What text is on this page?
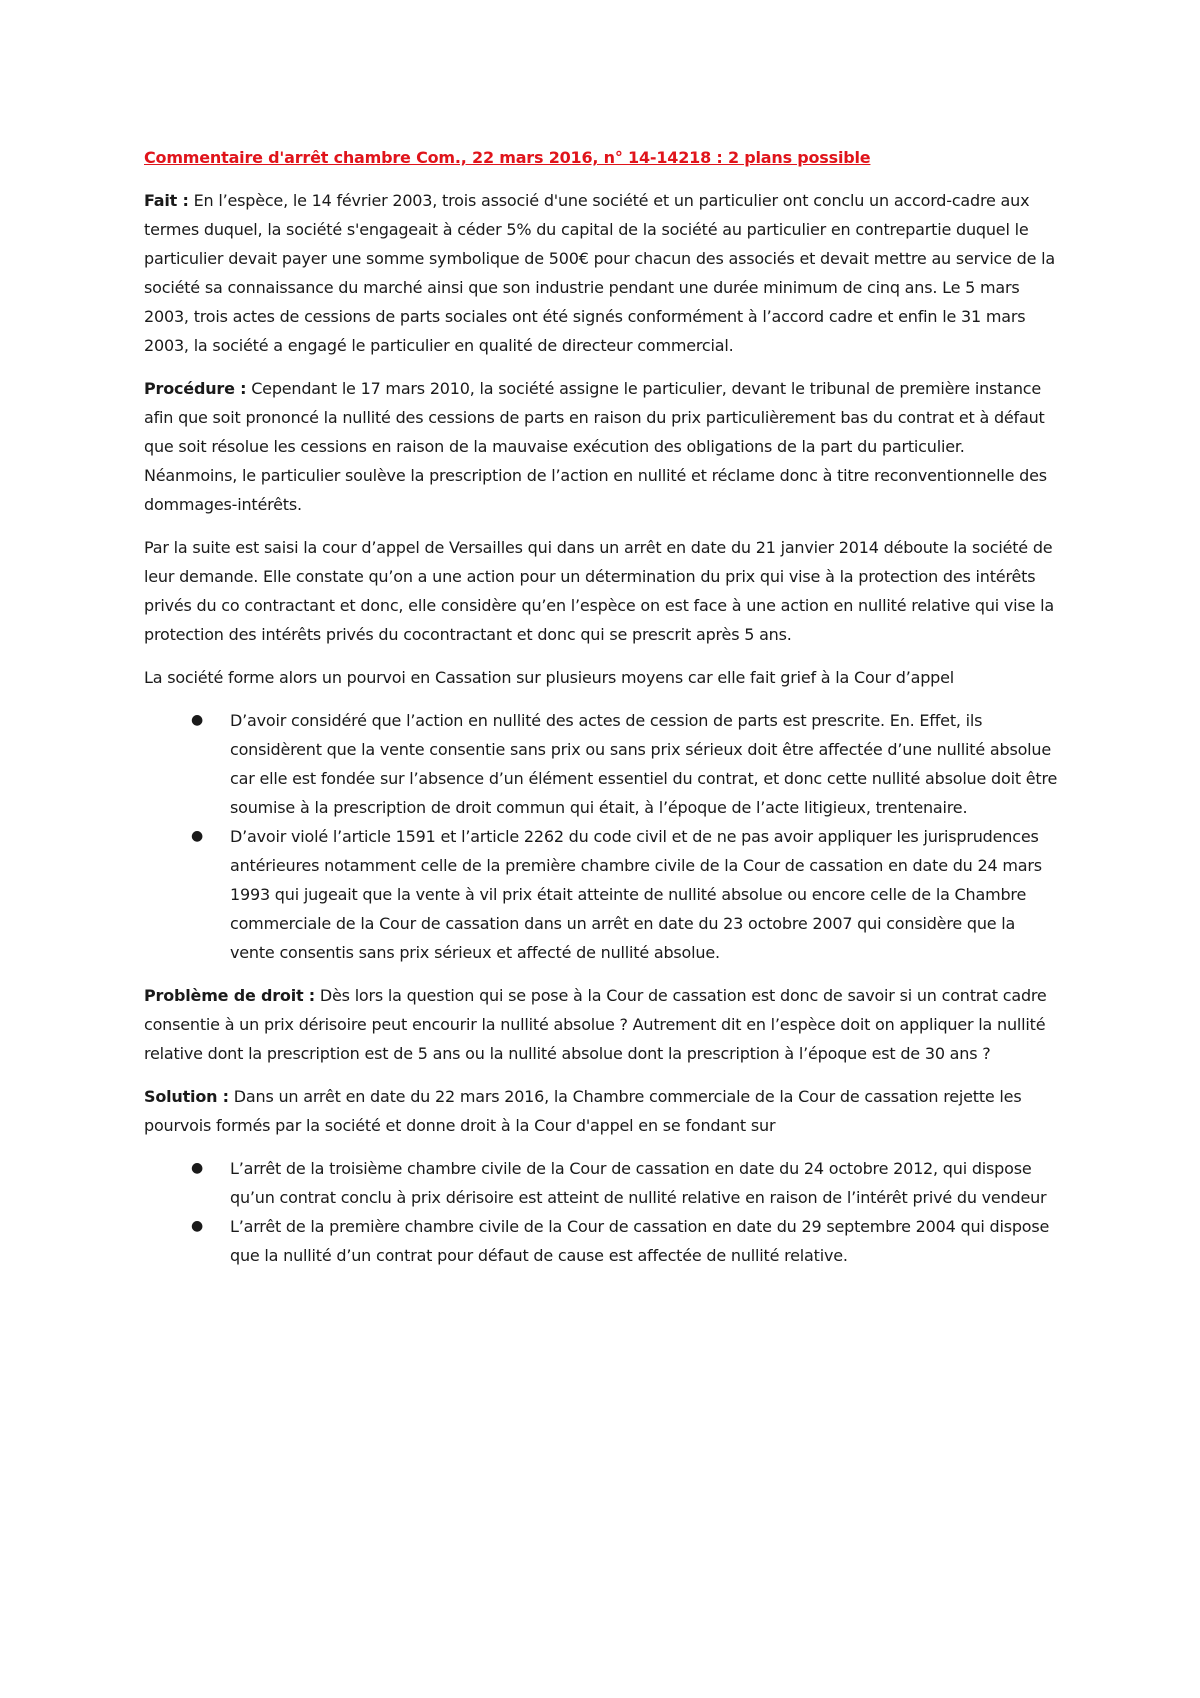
Commentaire d'arrêt chambre Com., 22 mars 2016, n° 14-14218 : 2 plans possible

Fait : En l’espèce, le 14 février 2003, trois associé d'une société et un particulier ont conclu un accord-cadre aux termes duquel, la société s'engageait à céder 5% du capital de la société au particulier en contrepartie duquel le particulier devait payer une somme symbolique de 500€ pour chacun des associés et devait mettre au service de la société sa connaissance du marché ainsi que son industrie pendant une durée minimum de cinq ans. Le 5 mars 2003, trois actes de cessions de parts sociales ont été signés conformément à l’accord cadre et enfin le 31 mars 2003, la société a engagé le particulier en qualité de directeur commercial.

Procédure : Cependant le 17 mars 2010, la société assigne le particulier, devant le tribunal de première instance afin que soit prononcé la nullité des cessions de parts en raison du prix particulièrement bas du contrat et à défaut que soit résolue les cessions en raison de la mauvaise exécution des obligations de la part du particulier. Néanmoins, le particulier soulève la prescription de l’action en nullité et réclame donc à titre reconventionnelle des dommages-intérêts.

Par la suite est saisi la cour d’appel de Versailles qui dans un arrêt en date du 21 janvier 2014 déboute la société de leur demande. Elle constate qu’on a une action pour un détermination du prix qui vise à la protection des intérêts privés du co contractant et donc, elle considère qu’en l’espèce on est face à une action en nullité relative qui vise la protection des intérêts privés du cocontractant et donc qui se prescrit après 5 ans.

La société forme alors un pourvoi en Cassation sur plusieurs moyens car elle fait grief à la Cour d’appel

● D’avoir considéré que l’action en nullité des actes de cession de parts est prescrite. En. Effet, ils considèrent que la vente consentie sans prix ou sans prix sérieux doit être affectée d’une nullité absolue car elle est fondée sur l’absence d’un élément essentiel du contrat, et donc cette nullité absolue doit être soumise à la prescription de droit commun qui était, à l’époque de l’acte litigieux, trentenaire.
● D’avoir violé l’article 1591 et l’article 2262 du code civil et de ne pas avoir appliquer les jurisprudences antérieures notamment celle de la première chambre civile de la Cour de cassation en date du 24 mars 1993 qui jugeait que la vente à vil prix était atteinte de nullité absolue ou encore celle de la Chambre commerciale de la Cour de cassation dans un arrêt en date du 23 octobre 2007 qui considère que la vente consentis sans prix sérieux et affecté de nullité absolue.

Problème de droit : Dès lors la question qui se pose à la Cour de cassation est donc de savoir si un contrat cadre consentie à un prix dérisoire peut encourir la nullité absolue ? Autrement dit en l’espèce doit on appliquer la nullité relative dont la prescription est de 5 ans ou la nullité absolue dont la prescription à l’époque est de 30 ans ?

Solution : Dans un arrêt en date du 22 mars 2016, la Chambre commerciale de la Cour de cassation rejette les pourvois formés par la société et donne droit à la Cour d'appel en se fondant sur

● L’arrêt de la troisième chambre civile de la Cour de cassation en date du 24 octobre 2012, qui dispose qu’un contrat conclu à prix dérisoire est atteint de nullité relative en raison de l’intérêt privé du vendeur
● L’arrêt de la première chambre civile de la Cour de cassation en date du 29 septembre 2004 qui dispose que la nullité d’un contrat pour défaut de cause est affectée de nullité relative.
